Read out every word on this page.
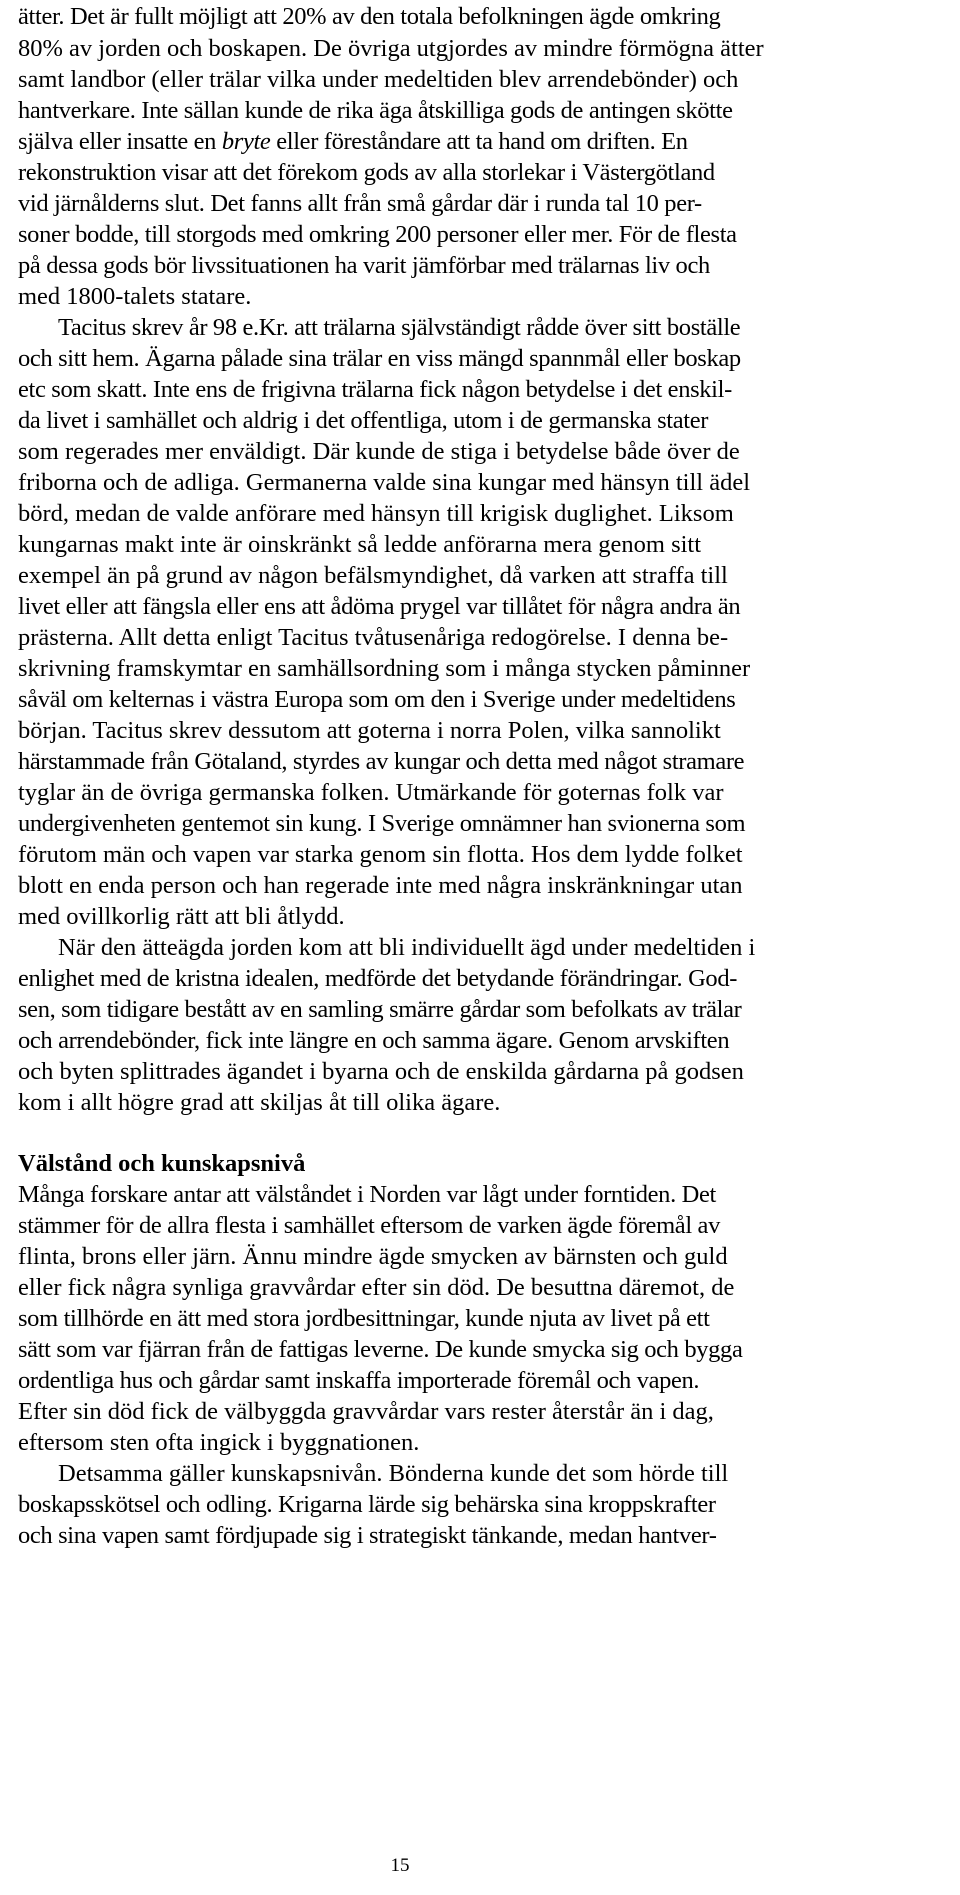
ätter. Det är fullt möjligt att 20% av den totala befolkningen ägde omkring
80% av jorden och boskapen. De övriga utgjordes av mindre förmögna ätter
samt landbor (eller trälar vilka under medeltiden blev arrendebönder) och
hantverkare. Inte sällan kunde de rika äga åtskilliga gods de antingen skötte
själva eller insatte en bryte eller föreståndare att ta hand om driften. En
rekonstruktion visar att det förekom gods av alla storlekar i Västergötland
vid järnålderns slut. Det fanns allt från små gårdar där i runda tal 10 per-
soner bodde, till storgods med omkring 200 personer eller mer. För de flesta
på dessa gods bör livssituationen ha varit jämförbar med trälarnas liv och
med 1800-talets statare.
Tacitus skrev år 98 e.Kr. att trälarna självständigt rådde över sitt boställe
och sitt hem. Ägarna pålade sina trälar en viss mängd spannmål eller boskap
etc som skatt. Inte ens de frigivna trälarna fick någon betydelse i det enskil-
da livet i samhället och aldrig i det offentliga, utom i de germanska stater
som regerades mer enväldigt. Där kunde de stiga i betydelse både över de
friborna och de adliga. Germanerna valde sina kungar med hänsyn till ädel
börd, medan de valde anförare med hänsyn till krigisk duglighet. Liksom
kungarnas makt inte är oinskränkt så ledde anförarna mera genom sitt
exempel än på grund av någon befälsmyndighet, då varken att straffa till
livet eller att fängsla eller ens att ådöma prygel var tillåtet för några andra än
prästerna. Allt detta enligt Tacitus tvåtusenåriga redogörelse. I denna be-
skrivning framskymtar en samhällsordning som i många stycken påminner
såväl om kelternas i västra Europa som om den i Sverige under medeltidens
början. Tacitus skrev dessutom att goterna i norra Polen, vilka sannolikt
härstammade från Götaland, styrdes av kungar och detta med något stramare
tyglar än de övriga germanska folken. Utmärkande för goternas folk var
undergivenheten gentemot sin kung. I Sverige omnämner han svionerna som
förutom män och vapen var starka genom sin flotta. Hos dem lydde folket
blott en enda person och han regerade inte med några inskränkningar utan
med ovillkorlig rätt att bli åtlydd.
När den ätteägda jorden kom att bli individuellt ägd under medeltiden i
enlighet med de kristna idealen, medförde det betydande förändringar. God-
sen, som tidigare bestått av en samling smärre gårdar som befolkats av trälar
och arrendebönder, fick inte längre en och samma ägare. Genom arvskiften
och byten splittrades ägandet i byarna och de enskilda gårdarna på godsen
kom i allt högre grad att skiljas åt till olika ägare.
Välstånd och kunskapsnivå
Många forskare antar att välståndet i Norden var lågt under forntiden. Det
stämmer för de allra flesta i samhället eftersom de varken ägde föremål av
flinta, brons eller järn. Ännu mindre ägde smycken av bärnsten och guld
eller fick några synliga gravvårdar efter sin död. De besuttna däremot, de
som tillhörde en ätt med stora jordbesittningar, kunde njuta av livet på ett
sätt som var fjärran från de fattigas leverne. De kunde smycka sig och bygga
ordentliga hus och gårdar samt inskaffa importerade föremål och vapen.
Efter sin död fick de välbyggda gravvårdar vars rester återstår än i dag,
eftersom sten ofta ingick i byggnationen.
Detsamma gäller kunskapsnivån. Bönderna kunde det som hörde till
boskapsskötsel och odling. Krigarna lärde sig behärska sina kroppskrafter
och sina vapen samt fördjupade sig i strategiskt tänkande, medan hantver-
15
